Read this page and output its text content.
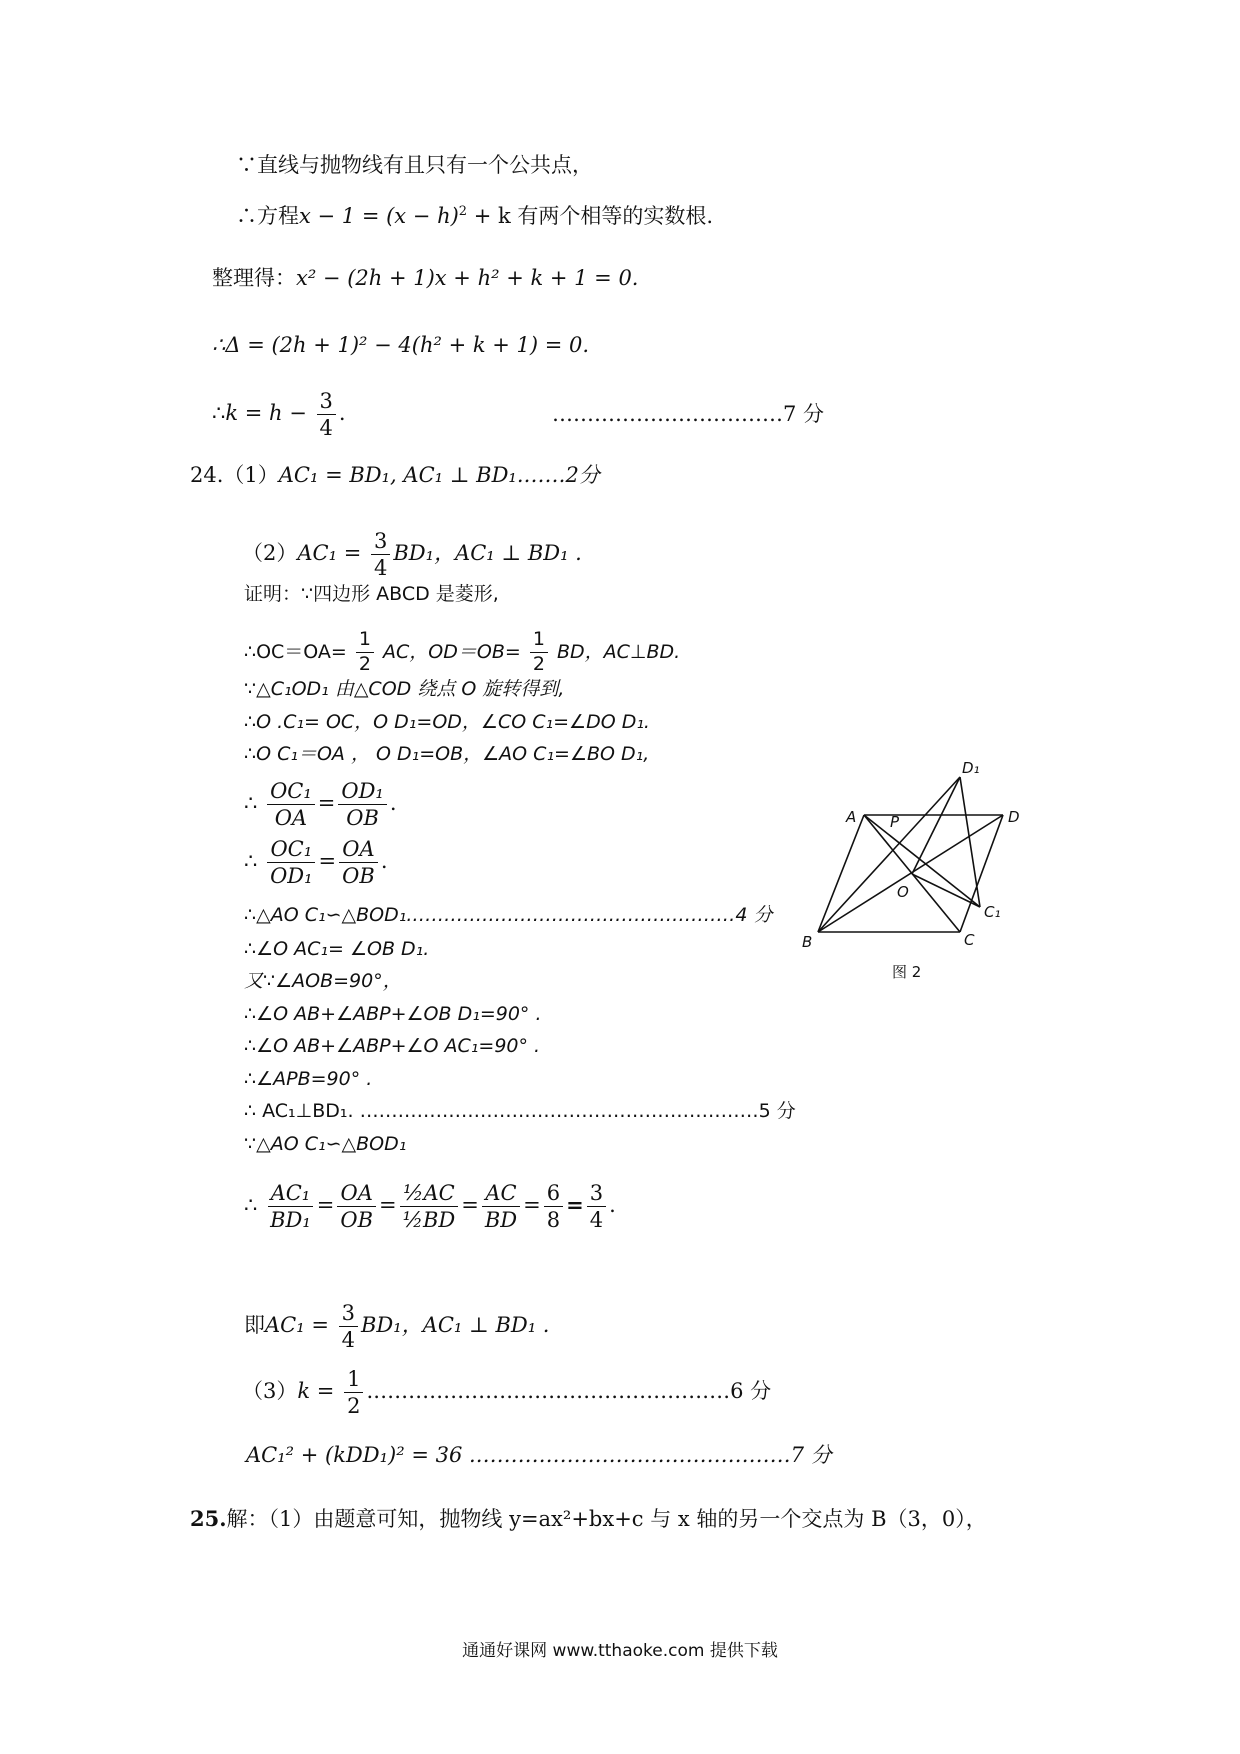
∵直线与抛物线有且只有一个公共点，
∴方程$x - 1 = (x - h)^2 + k$ 有两个相等的实数根.
整理得：x² − (2h + 1)x + h² + k + 1 = 0.
∴Δ = (2h + 1)² − 4(h² + k + 1) = 0.
∴k = $h - \frac{3}{4}$ .	……………………………7 分
24.（1）AC₁ = BD₁, AC₁ ⊥ BD₁.……2分
$(2)AC_1 = \frac{3}{4} BD_1$，AC₁ ⊥ BD₁ .
证明：∵四边形 ABCD 是菱形,
∴OC＝OA= $\frac{1}{2}$ AC，$OD=OB= \frac{1}{2}$ BD，AC⊥BD.
∵△C₁OD₁ 由△COD 绕点 O 旋转得到,
∴O .C₁= OC，O D₁=OD，∠CO C₁=∠DO D₁.
∴O C₁＝OA ， O D₁=OB，∠AO C₁=∠BO D₁,
∴ $\frac{\text{OC₁}}{OA} = \frac{\text{OD₁}}{OB}$ .
∴ $\frac{\text{OC₁}}{\text{OD₁}} = \frac{OA}{OB}$ .
∴△AO C₁∽△BOD₁.……………………………………………4 分
∴∠O AC₁= ∠OB D₁.
又∵∠AOB=90°，
∴∠O AB+∠ABP+∠OB D₁=90° .
∴∠O AB+∠ABP+∠O AC₁=90° .
∴∠APB=90° .
∴ AC₁⊥BD₁. ………………………………………………………5 分
∵△AO C₁∽△BOD₁
∴ $\frac{\text{AC₁}}{\text{BD₁}} = \frac{OA}{OB} = \frac{\text{½AC}}{\text{½BD}} = \frac{AC}{BD} = \frac{6}{8} = \frac{3}{4}$ .
即$AC_1 = \frac{3}{4} BD_1$，AC₁ ⊥ BD₁ .
$(3)k = \frac{1}{2}$ .……………………………………………6 分
AC₁² + (kDD₁)² = 36 .………………………………………7 分
25.解：（1）由题意可知，抛物线 y=ax²+bx+c 与 x 轴的另一个交点为 B（3，0），
D₁
A	D
P
O
C₁
B	C
图 2
通通好课网 www.tthaoke.com 提供下载
